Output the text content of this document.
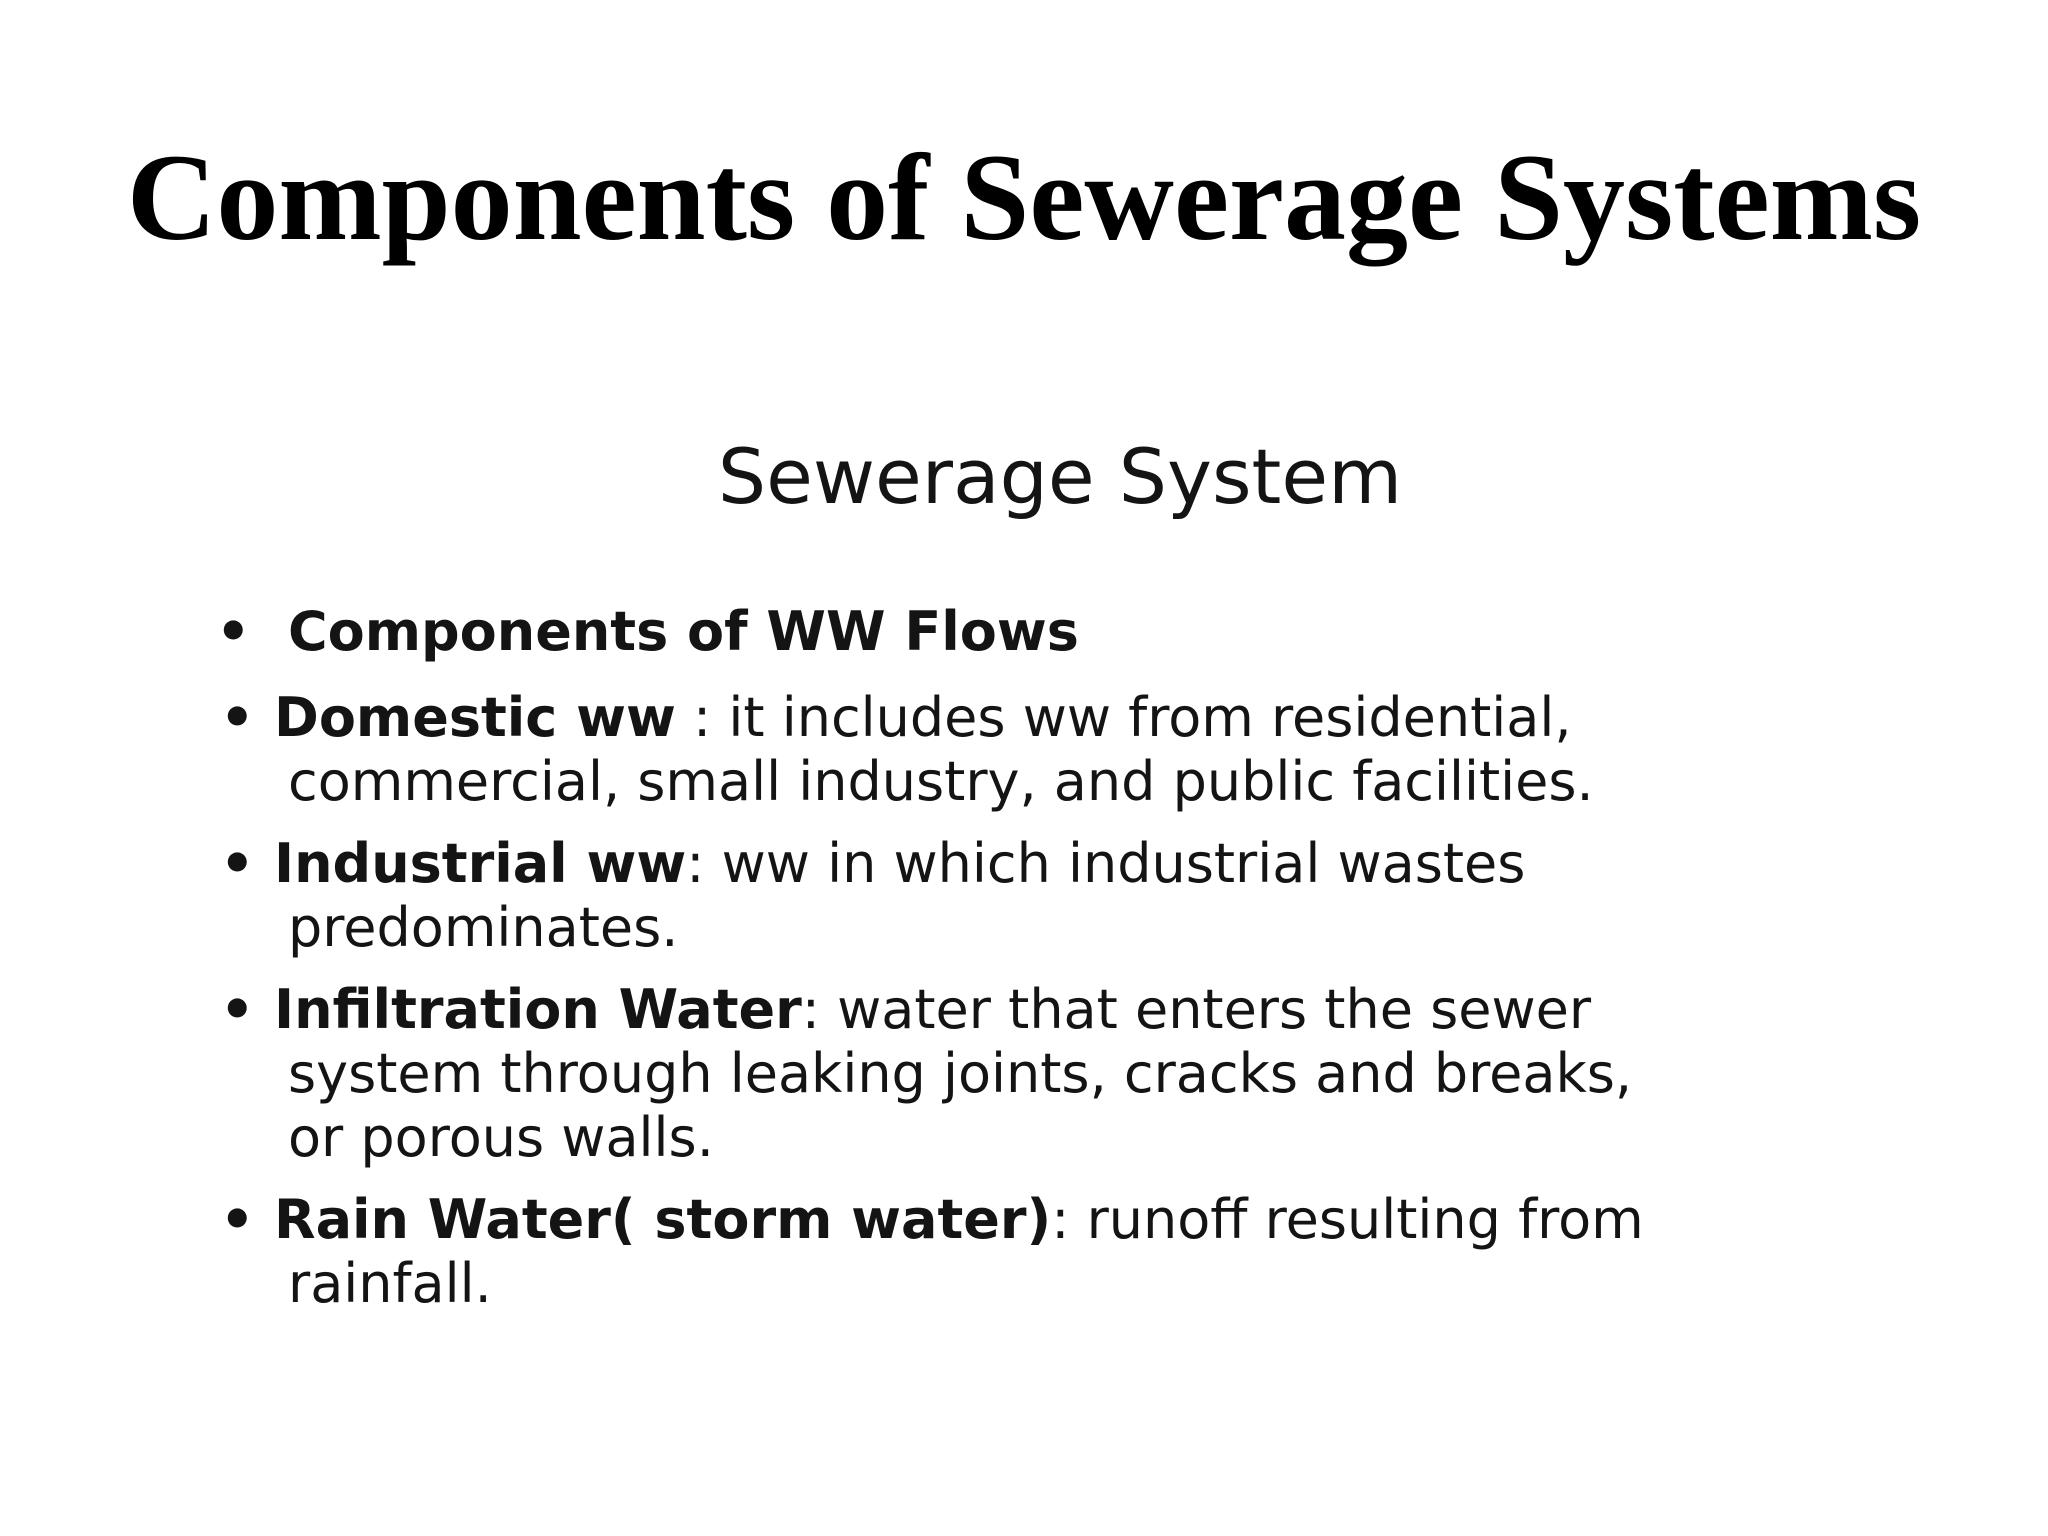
Components of Sewerage Systems
Sewerage System
• Components of WW Flows
• Domestic ww : it includes ww from residential,
commercial, small industry, and public facilities.
• Industrial ww: ww in which industrial wastes
predominates.
• Infiltration Water: water that enters the sewer
system through leaking joints, cracks and breaks,
or porous walls.
• Rain Water( storm water): runoff resulting from
rainfall.
